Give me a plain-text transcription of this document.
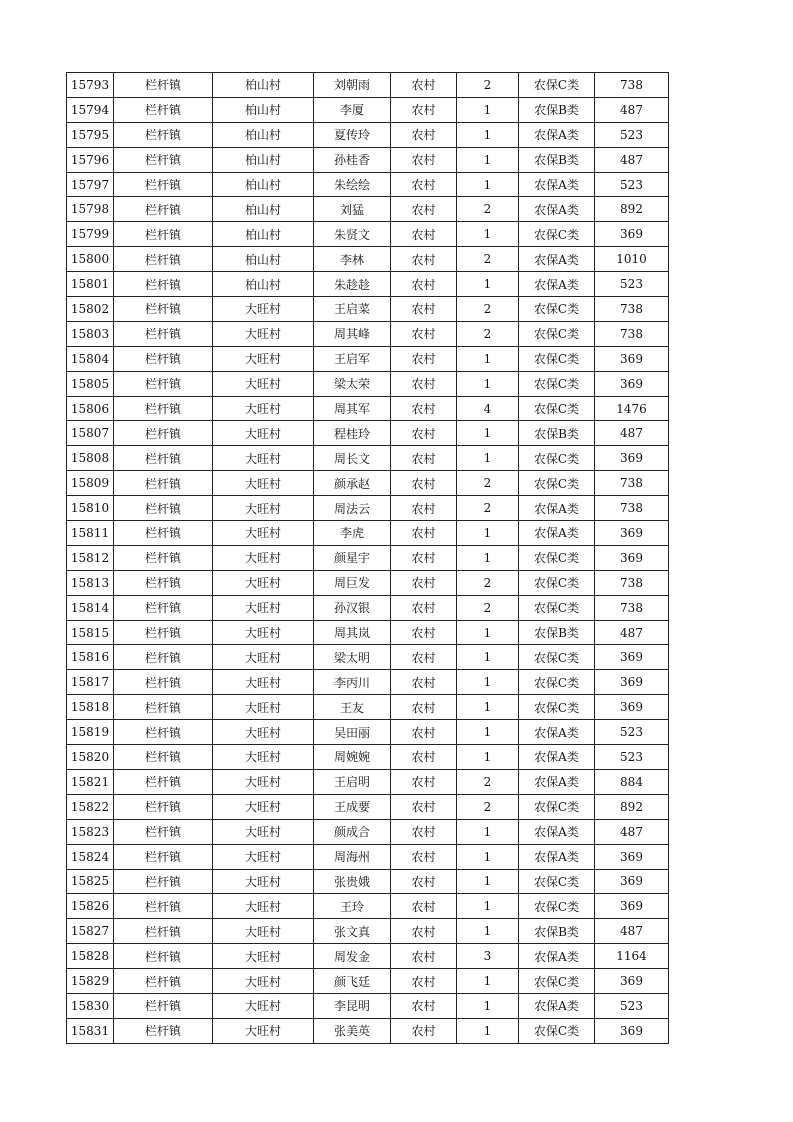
15793	栏杆镇	柏山村	刘朝雨	农村	2	农保C类	738
15794	栏杆镇	柏山村	李厦	农村	1	农保B类	487
15795	栏杆镇	柏山村	夏传玲	农村	1	农保A类	523
15796	栏杆镇	柏山村	孙桂香	农村	1	农保B类	487
15797	栏杆镇	柏山村	朱绘绘	农村	1	农保A类	523
15798	栏杆镇	柏山村	刘猛	农村	2	农保A类	892
15799	栏杆镇	柏山村	朱贤文	农村	1	农保C类	369
15800	栏杆镇	柏山村	李林	农村	2	农保A类	1010
15801	栏杆镇	柏山村	朱趁趁	农村	1	农保A类	523
15802	栏杆镇	大旺村	王启菜	农村	2	农保C类	738
15803	栏杆镇	大旺村	周其峰	农村	2	农保C类	738
15804	栏杆镇	大旺村	王启军	农村	1	农保C类	369
15805	栏杆镇	大旺村	梁太荣	农村	1	农保C类	369
15806	栏杆镇	大旺村	周其军	农村	4	农保C类	1476
15807	栏杆镇	大旺村	程桂玲	农村	1	农保B类	487
15808	栏杆镇	大旺村	周长文	农村	1	农保C类	369
15809	栏杆镇	大旺村	颜承赵	农村	2	农保C类	738
15810	栏杆镇	大旺村	周法云	农村	2	农保A类	738
15811	栏杆镇	大旺村	李虎	农村	1	农保A类	369
15812	栏杆镇	大旺村	颜星宇	农村	1	农保C类	369
15813	栏杆镇	大旺村	周巨发	农村	2	农保C类	738
15814	栏杆镇	大旺村	孙汉银	农村	2	农保C类	738
15815	栏杆镇	大旺村	周其岚	农村	1	农保B类	487
15816	栏杆镇	大旺村	梁太明	农村	1	农保C类	369
15817	栏杆镇	大旺村	李丙川	农村	1	农保C类	369
15818	栏杆镇	大旺村	王友	农村	1	农保C类	369
15819	栏杆镇	大旺村	吴田丽	农村	1	农保A类	523
15820	栏杆镇	大旺村	周婉婉	农村	1	农保A类	523
15821	栏杆镇	大旺村	王启明	农村	2	农保A类	884
15822	栏杆镇	大旺村	王成要	农村	2	农保C类	892
15823	栏杆镇	大旺村	颜成合	农村	1	农保A类	487
15824	栏杆镇	大旺村	周海州	农村	1	农保A类	369
15825	栏杆镇	大旺村	张贵娥	农村	1	农保C类	369
15826	栏杆镇	大旺村	王玲	农村	1	农保C类	369
15827	栏杆镇	大旺村	张文真	农村	1	农保B类	487
15828	栏杆镇	大旺村	周发金	农村	3	农保A类	1164
15829	栏杆镇	大旺村	颜飞廷	农村	1	农保C类	369
15830	栏杆镇	大旺村	李昆明	农村	1	农保A类	523
15831	栏杆镇	大旺村	张美英	农村	1	农保C类	369
